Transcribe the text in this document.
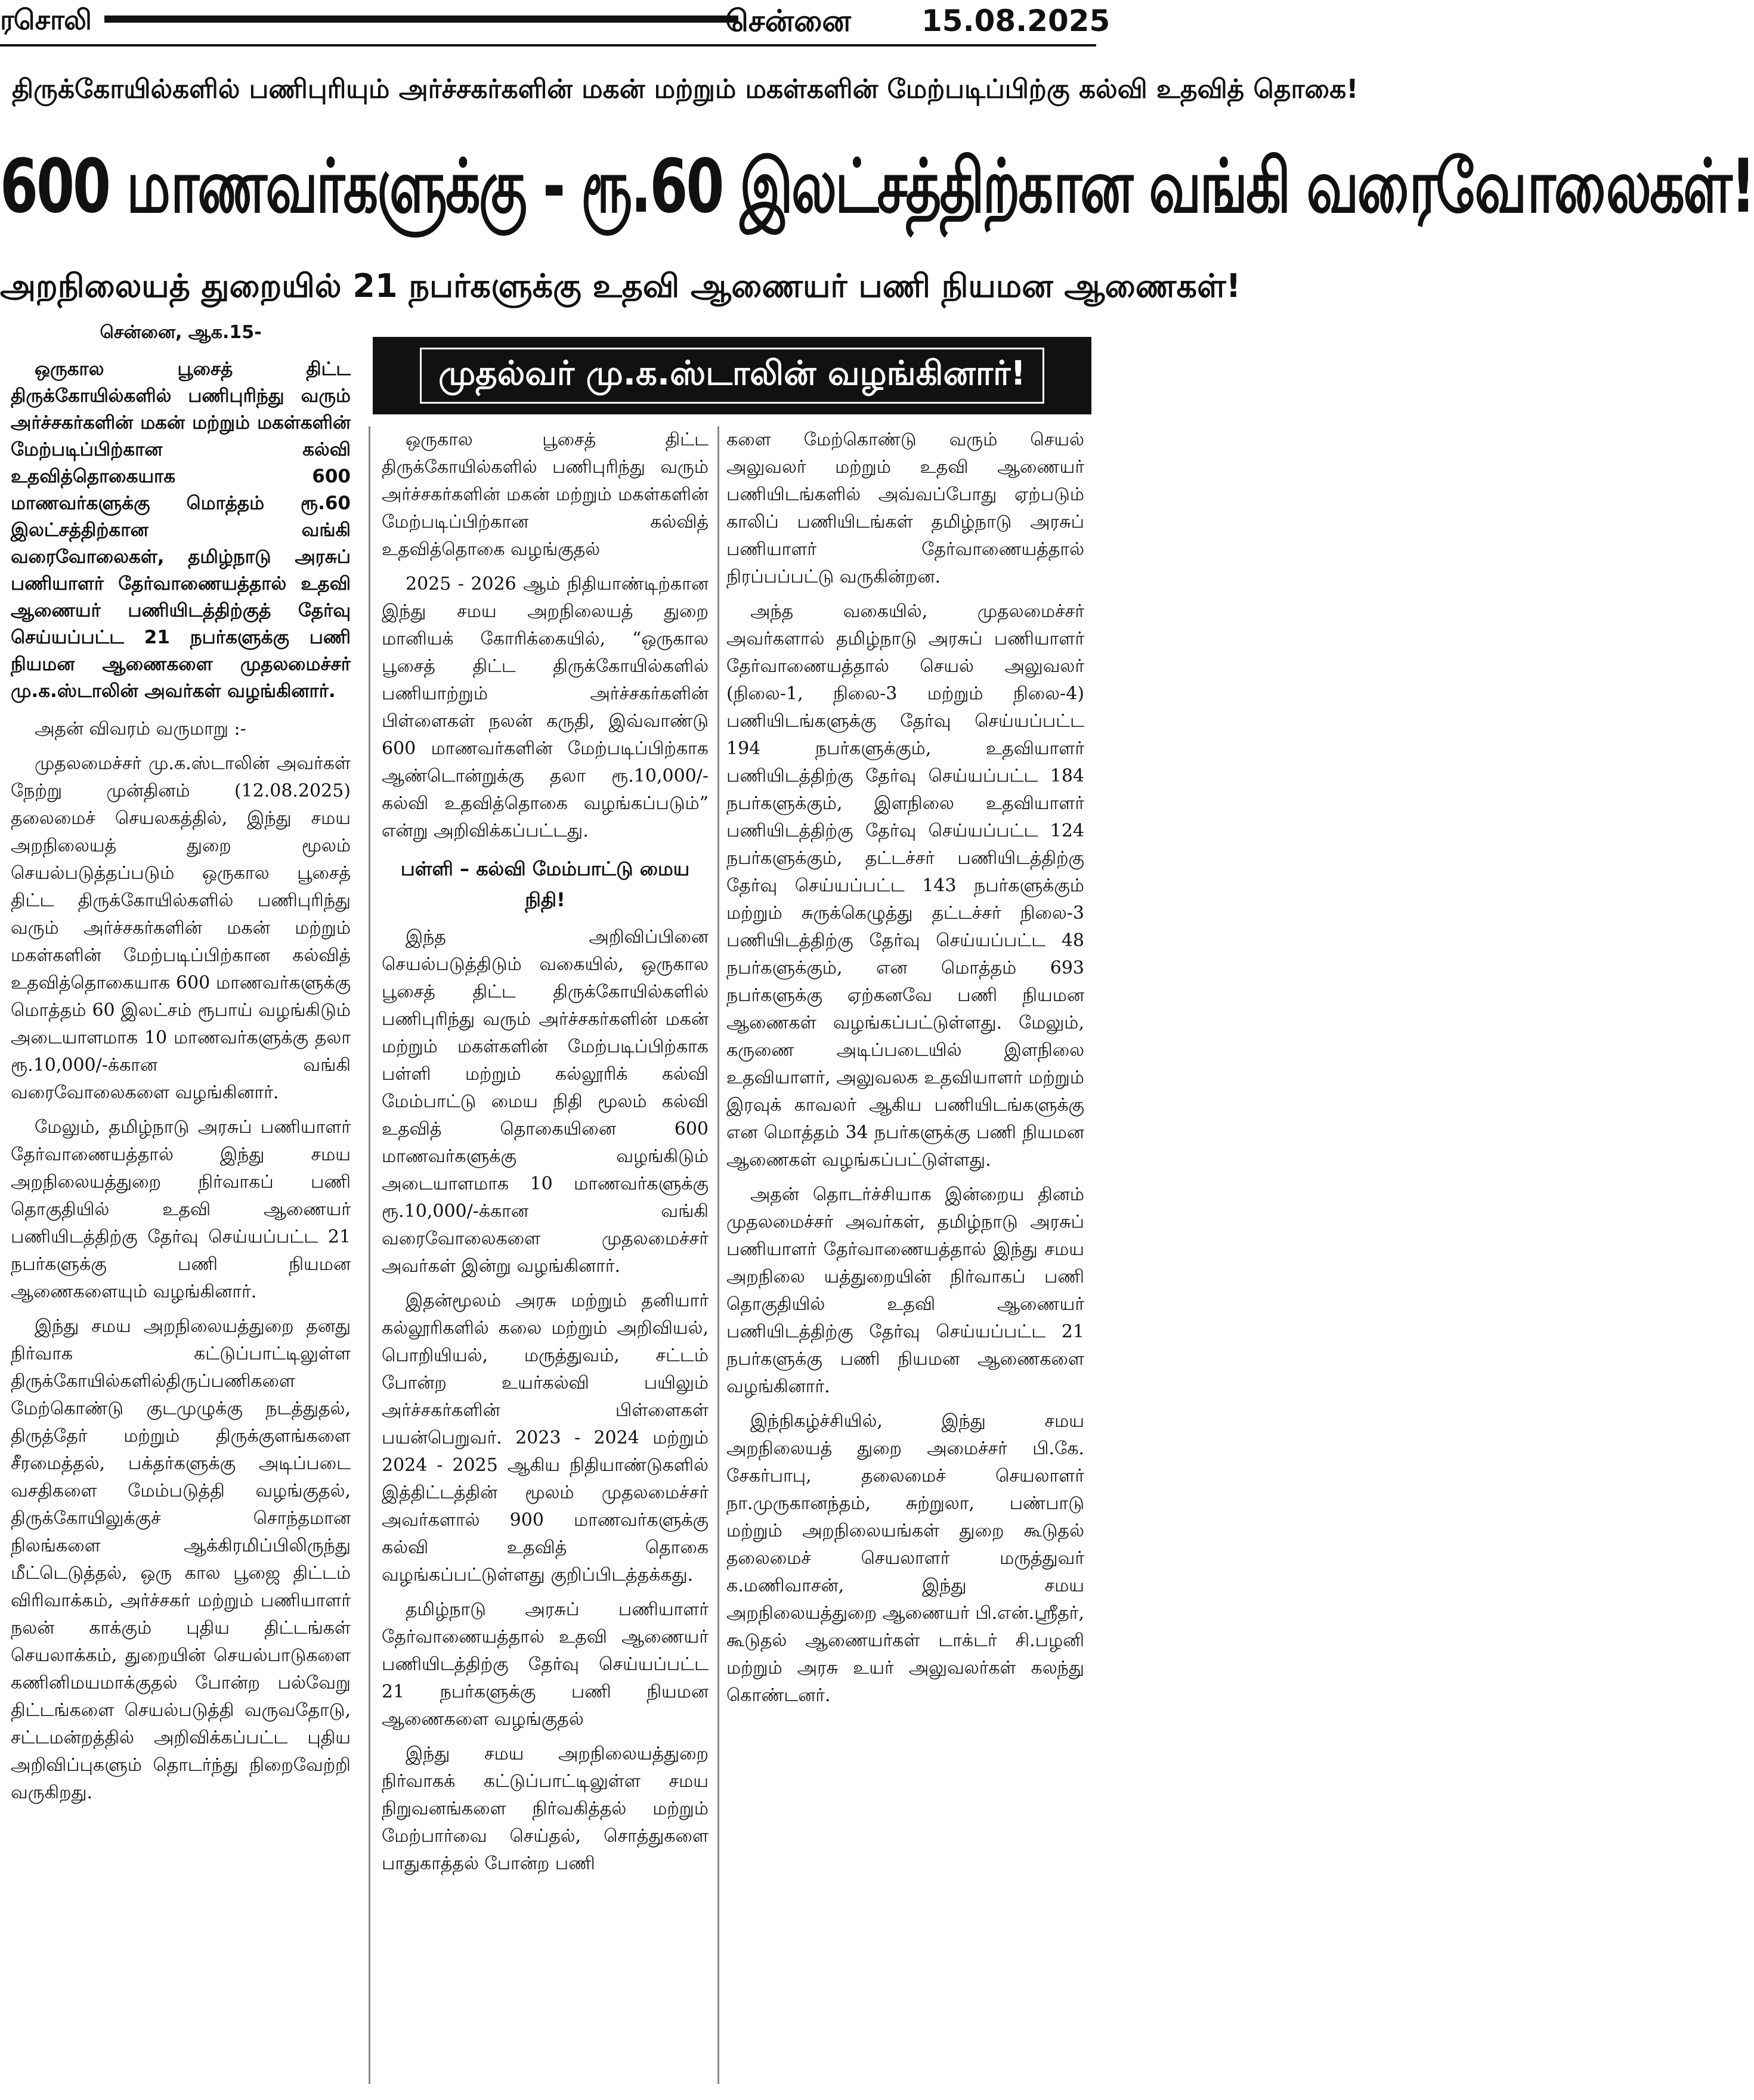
ரசொலி	சென்னை 15.08.2025
திருக்கோயில்களில் பணிபுரியும் அர்ச்சகர்களின் மகன் மற்றும் மகள்களின் மேற்படிப்பிற்கு கல்வி உதவித் தொகை!
600 மாணவர்களுக்கு - ரூ.60 இலட்சத்திற்கான வங்கி வரைவோலைகள்!
அறநிலையத் துறையில் 21 நபர்களுக்கு உதவி ஆணையர் பணி நியமன ஆணைகள்!
சென்னை, ஆக.15-

ஒருகால பூசைத் திட்ட திருக்கோயில்களில் பணிபுரிந்து வரும் அர்ச்சகர்களின் மகன் மற்றும் மகள்களின் மேற்படிப்பிற்கான கல்வி உதவித்தொகையாக 600 மாணவர்களுக்கு மொத்தம் ரூ.60 இலட்சத்திற்கான வங்கி வரைவோலைகள், தமிழ்நாடு அரசுப் பணியாளர் தேர்வாணையத்தால் உதவி ஆணையர் பணியிடத்திற்குத் தேர்வு செய்யப்பட்ட 21 நபர்களுக்கு பணி நியமன ஆணைகளை முதலமைச்சர் மு.க.ஸ்டாலின் அவர்கள் வழங்கினார்.

அதன் விவரம் வருமாறு :-

முதலமைச்சர் மு.க.ஸ்டாலின் அவர்கள் நேற்று முன்தினம் (12.08.2025) தலைமைச் செயலகத்தில், இந்து சமய அறநிலையத் துறை மூலம் செயல்படுத்தப்படும் ஒருகால பூசைத் திட்ட திருக்கோயில்களில் பணிபுரிந்து வரும் அர்ச்சகர்களின் மகன் மற்றும் மகள்களின் மேற்படிப்பிற்கான கல்வித் உதவித்தொகையாக 600 மாணவர்களுக்கு மொத்தம் 60 இலட்சம் ரூபாய் வழங்கிடும் அடையாளமாக 10 மாணவர்களுக்கு தலா ரூ.10,000/-க்கான வங்கி வரைவோலைகளை வழங்கினார்.

மேலும், தமிழ்நாடு அரசுப் பணியாளர் தேர்வாணையத்தால் இந்து சமய அறநிலையத்துறை நிர்வாகப் பணி தொகுதியில் உதவி ஆணையர் பணியிடத்திற்கு தேர்வு செய்யப்பட்ட 21 நபர்களுக்கு பணி நியமன ஆணைகளையும் வழங்கினார்.

இந்து சமய அறநிலையத்துறை தனது நிர்வாக கட்டுப்பாட்டிலுள்ள திருக்கோயில்களில்திருப்பணிகளை மேற்கொண்டு குடமுழுக்கு நடத்துதல், திருத்தேர் மற்றும் திருக்குளங்களை சீரமைத்தல், பக்தர்களுக்கு அடிப்படை வசதிகளை மேம்படுத்தி வழங்குதல், திருக்கோயிலுக்குச் சொந்தமான நிலங்களை ஆக்கிரமிப்பிலிருந்து மீட்டெடுத்தல், ஒரு கால பூஜை திட்டம் விரிவாக்கம், அர்ச்சகர் மற்றும் பணியாளர் நலன் காக்கும் புதிய திட்டங்கள் செயலாக்கம், துறையின் செயல்பாடுகளை கணினிமயமாக்குதல் போன்ற பல்வேறு திட்டங்களை செயல்படுத்தி வருவதோடு, சட்டமன்றத்தில் அறிவிக்கப்பட்ட புதிய அறிவிப்புகளும் தொடர்ந்து நிறைவேற்றி வருகிறது.

முதல்வர் மு.க.ஸ்டாலின் வழங்கினார்!

ஒருகால பூசைத் திட்ட திருக்கோயில்களில் பணிபுரிந்து வரும் அர்ச்சகர்களின் மகன் மற்றும் மகள்களின் மேற்படிப்பிற்கான கல்வித் உதவித்தொகை வழங்குதல்

2025 - 2026 ஆம் நிதியாண்டிற்கான இந்து சமய அறநிலையத் துறை மானியக் கோரிக்கையில், “ஒருகால பூசைத் திட்ட திருக்கோயில்களில் பணியாற்றும் அர்ச்சகர்களின் பிள்ளைகள் நலன் கருதி, இவ்வாண்டு 600 மாணவர்களின் மேற்படிப்பிற்காக ஆண்டொன்றுக்கு தலா ரூ.10,000/- கல்வி உதவித்தொகை வழங்கப்படும்” என்று அறிவிக்கப்பட்டது.

பள்ளி – கல்வி மேம்பாட்டு மைய நிதி!

இந்த அறிவிப்பினை செயல்படுத்திடும் வகையில், ஒருகால பூசைத் திட்ட திருக்கோயில்களில் பணிபுரிந்து வரும் அர்ச்சகர்களின் மகன் மற்றும் மகள்களின் மேற்படிப்பிற்காக பள்ளி மற்றும் கல்லூரிக் கல்வி மேம்பாட்டு மைய நிதி மூலம் கல்வி உதவித் தொகையினை 600 மாணவர்களுக்கு வழங்கிடும் அடையாளமாக 10 மாணவர்களுக்கு ரூ.10,000/-க்கான வங்கி வரைவோலைகளை முதலமைச்சர் அவர்கள் இன்று வழங்கினார்.

இதன்மூலம் அரசு மற்றும் தனியார் கல்லூரிகளில் கலை மற்றும் அறிவியல், பொறியியல், மருத்துவம், சட்டம் போன்ற உயர்கல்வி பயிலும் அர்ச்சகர்களின் பிள்ளைகள் பயன்பெறுவர். 2023 - 2024 மற்றும் 2024 - 2025 ஆகிய நிதியாண்டுகளில் இத்திட்டத்தின் மூலம் முதலமைச்சர் அவர்களால் 900 மாணவர்களுக்கு கல்வி உதவித் தொகை வழங்கப்பட்டுள்ளது குறிப்பிடத்தக்கது.

தமிழ்நாடு அரசுப் பணியாளர் தேர்வாணையத்தால் உதவி ஆணையர் பணியிடத்திற்கு தேர்வு செய்யப்பட்ட 21 நபர்களுக்கு பணி நியமன ஆணைகளை வழங்குதல்

இந்து சமய அறநிலையத்துறை நிர்வாகக் கட்டுப்பாட்டிலுள்ள சமய நிறுவனங்களை நிர்வகித்தல் மற்றும் மேற்பார்வை செய்தல், சொத்துகளை பாதுகாத்தல் போன்ற பணி

களை மேற்கொண்டு வரும் செயல் அலுவலர் மற்றும் உதவி ஆணையர் பணியிடங்களில் அவ்வப்போது ஏற்படும் காலிப் பணியிடங்கள் தமிழ்நாடு அரசுப் பணியாளர் தேர்வாணையத்தால் நிரப்பப்பட்டு வருகின்றன.

அந்த வகையில், முதலமைச்சர் அவர்களால் தமிழ்நாடு அரசுப் பணியாளர் தேர்வாணையத்தால் செயல் அலுவலர் (நிலை-1, நிலை-3 மற்றும் நிலை-4) பணியிடங்களுக்கு தேர்வு செய்யப்பட்ட 194 நபர்களுக்கும், உதவியாளர் பணியிடத்திற்கு தேர்வு செய்யப்பட்ட 184 நபர்களுக்கும், இளநிலை உதவியாளர் பணியிடத்திற்கு தேர்வு செய்யப்பட்ட 124 நபர்களுக்கும், தட்டச்சர் பணியிடத்திற்கு தேர்வு செய்யப்பட்ட 143 நபர்களுக்கும் மற்றும் சுருக்கெழுத்து தட்டச்சர் நிலை-3 பணியிடத்திற்கு தேர்வு செய்யப்பட்ட 48 நபர்களுக்கும், என மொத்தம் 693 நபர்களுக்கு ஏற்கனவே பணி நியமன ஆணைகள் வழங்கப்பட்டுள்ளது. மேலும், கருணை அடிப்படையில் இளநிலை உதவியாளர், அலுவலக உதவியாளர் மற்றும் இரவுக் காவலர் ஆகிய பணியிடங்களுக்கு என மொத்தம் 34 நபர்களுக்கு பணி நியமன ஆணைகள் வழங்கப்பட்டுள்ளது.

அதன் தொடர்ச்சியாக இன்றைய தினம் முதலமைச்சர் அவர்கள், தமிழ்நாடு அரசுப் பணியாளர் தேர்வாணையத்தால் இந்து சமய அறநிலை யத்துறையின் நிர்வாகப் பணி தொகுதியில் உதவி ஆணையர் பணியிடத்திற்கு தேர்வு செய்யப்பட்ட 21 நபர்களுக்கு பணி நியமன ஆணைகளை வழங்கினார்.

இந்நிகழ்ச்சியில், இந்து சமய அறநிலையத் துறை அமைச்சர் பி.கே. சேகர்பாபு, தலைமைச் செயலாளர் நா.முருகானந்தம், சுற்றுலா, பண்பாடு மற்றும் அறநிலையங்கள் துறை கூடுதல் தலைமைச் செயலாளர் மருத்துவர் க.மணிவாசன், இந்து சமய அறநிலையத்துறை ஆணையர் பி.என்.ஸ்ரீதர், கூடுதல் ஆணையர்கள் டாக்டர் சி.பழனி மற்றும் அரசு உயர் அலுவலர்கள் கலந்து கொண்டனர்.
